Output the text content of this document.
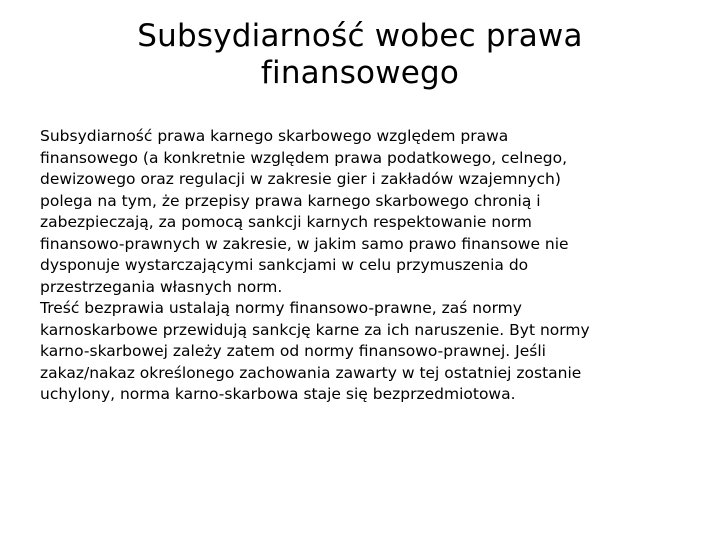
Subsydiarność wobec prawa
finansowego

Subsydiarność prawa karnego skarbowego względem prawa
finansowego (a konkretnie względem prawa podatkowego, celnego,
dewizowego oraz regulacji w zakresie gier i zakładów wzajemnych)
polega na tym, że przepisy prawa karnego skarbowego chronią i
zabezpieczają, za pomocą sankcji karnych respektowanie norm
finansowo-prawnych w zakresie, w jakim samo prawo finansowe nie
dysponuje wystarczającymi sankcjami w celu przymuszenia do
przestrzegania własnych norm.

Treść bezprawia ustalają normy finansowo-prawne, zaś normy
karnoskarbowe przewidują sankcję karne za ich naruszenie. Byt normy
karno-skarbowej zależy zatem od normy finansowo-prawnej. Jeśli
zakaz/nakaz określonego zachowania zawarty w tej ostatniej zostanie
uchylony, norma karno-skarbowa staje się bezprzedmiotowa.
